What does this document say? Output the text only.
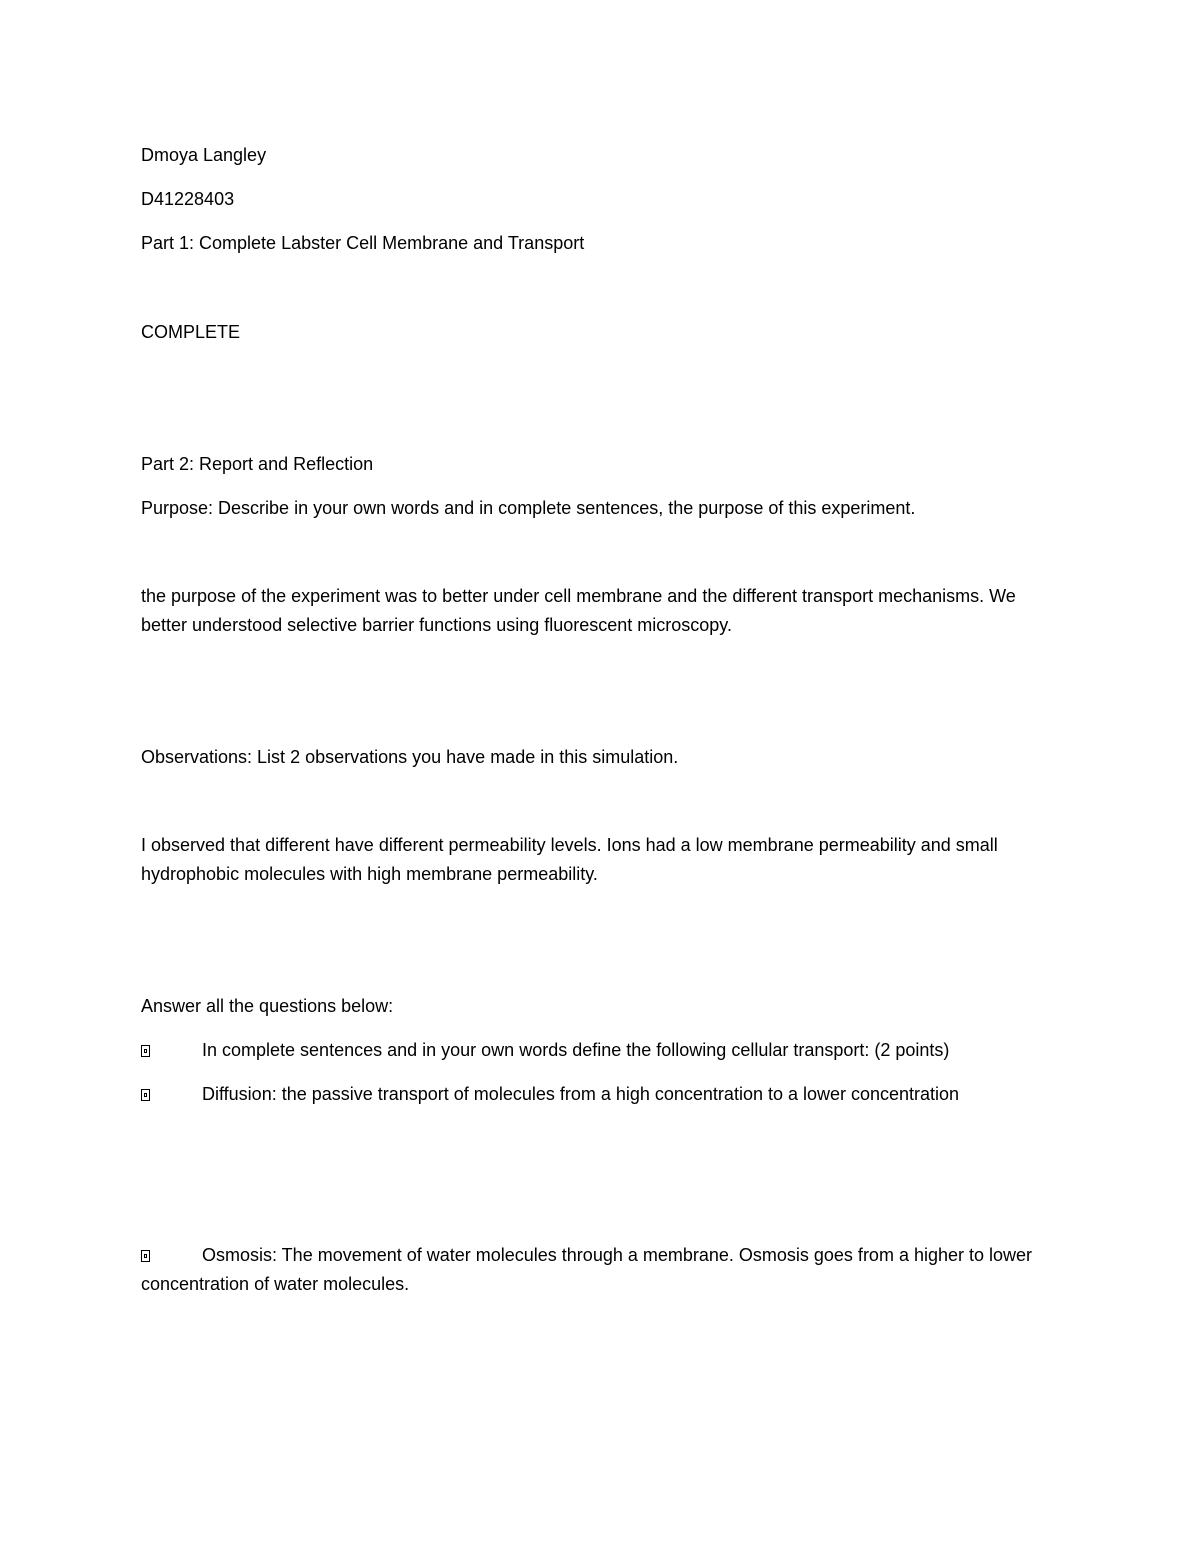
Dmoya Langley
D41228403
Part 1: Complete Labster Cell Membrane and Transport
COMPLETE
Part 2: Report and Reflection
Purpose: Describe in your own words and in complete sentences, the purpose of this experiment.
the purpose of the experiment was to better under cell membrane and the different transport mechanisms. We better understood selective barrier functions using fluorescent microscopy.
Observations: List 2 observations you have made in this simulation.
I observed that different have different permeability levels. Ions had a low membrane permeability and small hydrophobic molecules with high membrane permeability.
Answer all the questions below:
In complete sentences and in your own words define the following cellular transport: (2 points)
Diffusion: the passive transport of molecules from a high concentration to a lower concentration
Osmosis: The movement of water molecules through a membrane. Osmosis goes from a higher to lower concentration of water molecules.
